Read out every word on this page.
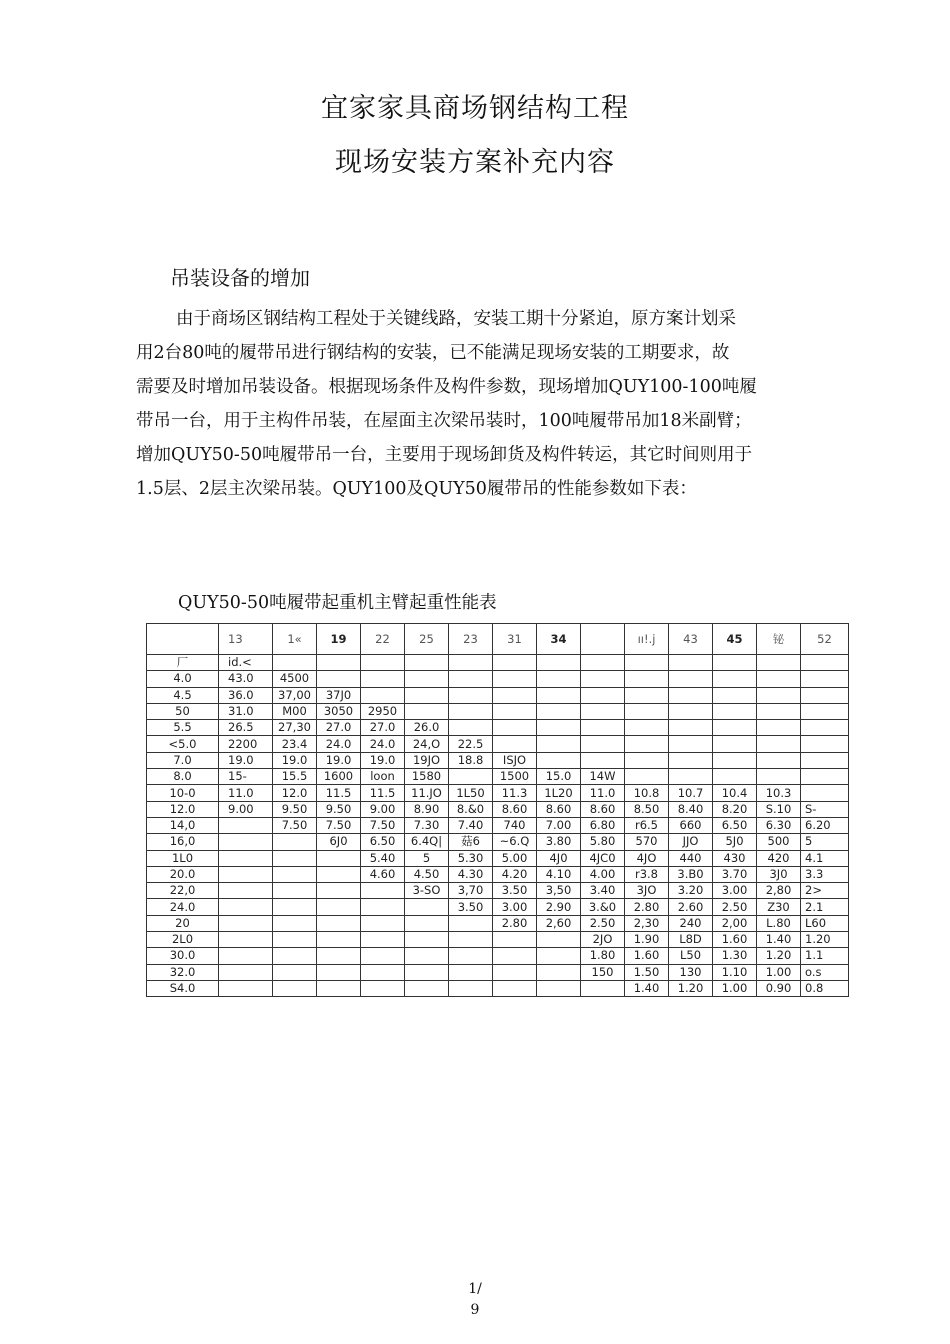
宜家家具商场钢结构工程
现场安装方案补充内容
吊装设备的增加
由于商场区钢结构工程处于关键线路，安装工期十分紧迫，原方案计划采
用2台80吨的履带吊进行钢结构的安装，已不能满足现场安装的工期要求，故
需要及时增加吊装设备。根据现场条件及构件参数，现场增加QUY100-100吨履
带吊一台，用于主构件吊装，在屋面主次梁吊装时，100吨履带吊加18米副臂；
增加QUY50-50吨履带吊一台，主要用于现场卸货及构件转运，其它时间则用于
1.5层、2层主次梁吊装。QUY100及QUY50履带吊的性能参数如下表：
QUY50-50吨履带起重机主臂起重性能表
	13	1«	19	22	25	23	31	34		ıı!.j	43	45	铋	52
厂	id.<													
4.0	43.0	4500												
4.5	36.0	37,00	37J0											
50	31.0	M00	3050	2950										
5.5	26.5	27,30	27.0	27.0	26.0									
<5.0	2200	23.4	24.0	24.0	24,O	22.5								
7.0	19.0	19.0	19.0	19.0	19JO	18.8	ISJO							
8.0	15-	15.5	1600	loon	1580		1500	15.0	14W					
10-0	11.0	12.0	11.5	11.5	11.JO	1L50	11.3	1L20	11.0	10.8	10.7	10.4	10.3	
12.0	9.00	9.50	9.50	9.00	8.90	8.&0	8.60	8.60	8.60	8.50	8.40	8.20	S.10	S-
14,0		7.50	7.50	7.50	7.30	7.40	740	7.00	6.80	r6.5	660	6.50	6.30	6.20
16,0			6J0	6.50	6.4Q|	菇6	~6.Q	3.80	5.80	570	JJO	5J0	500	5
1L0				5.40	5	5.30	5.00	4J0	4JC0	4JO	440	430	420	4.1
20.0				4.60	4.50	4.30	4.20	4.10	4.00	r3.8	3.B0	3.70	3J0	3.3
22,0					3-SO	3,70	3.50	3,50	3.40	3JO	3.20	3.00	2,80	2>
24.0						3.50	3.00	2.90	3.&0	2.80	2.60	2.50	Z30	2.1
20							2.80	2,60	2.50	2,30	240	2,00	L.80	L60
2L0									2JO	1.90	L8D	1.60	1.40	1.20
30.0									1.80	1.60	L50	1.30	1.20	1.1
32.0									150	1.50	130	1.10	1.00	o.s
S4.0										1.40	1.20	1.00	0.90	0.8
1/
9
